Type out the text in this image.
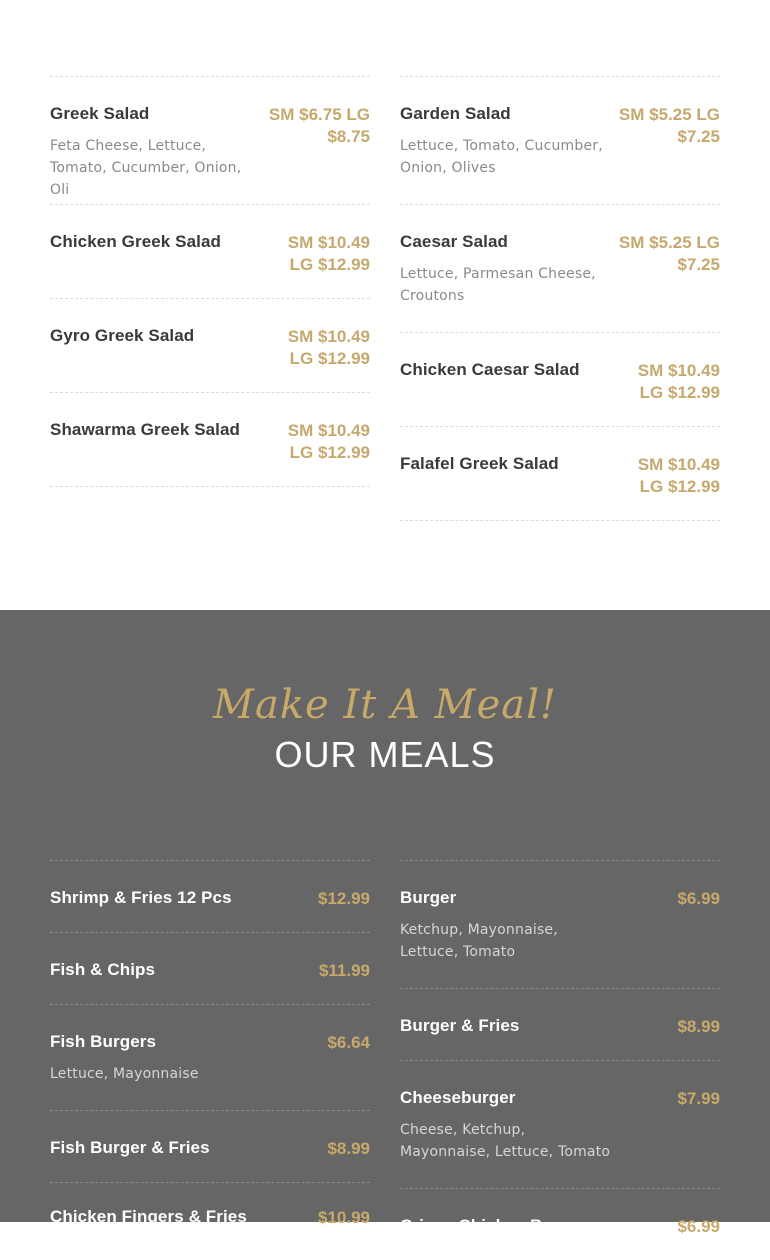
Greek Salad	SM $6.75 LG $8.75
Feta Cheese, Lettuce, Tomato, Cucumber, Onion, Oli
Chicken Greek Salad	SM $10.49 LG $12.99
Gyro Greek Salad	SM $10.49 LG $12.99
Shawarma Greek Salad	SM $10.49 LG $12.99
Garden Salad	SM $5.25 LG $7.25
Lettuce, Tomato, Cucumber, Onion, Olives
Caesar Salad	SM $5.25 LG $7.25
Lettuce, Parmesan Cheese, Croutons
Chicken Caesar Salad	SM $10.49 LG $12.99
Falafel Greek Salad	SM $10.49 LG $12.99
Make It A Meal!
OUR MEALS
Shrimp & Fries 12 Pcs	$12.99
Fish & Chips	$11.99
Fish Burgers	$6.64
Lettuce, Mayonnaise
Fish Burger & Fries	$8.99
Chicken Fingers & Fries	$10.99
Burger	$6.99
Ketchup, Mayonnaise, Lettuce, Tomato
Burger & Fries	$8.99
Cheeseburger	$7.99
Cheese, Ketchup, Mayonnaise, Lettuce, Tomato
Crispy Chicken Burger	$6.99
